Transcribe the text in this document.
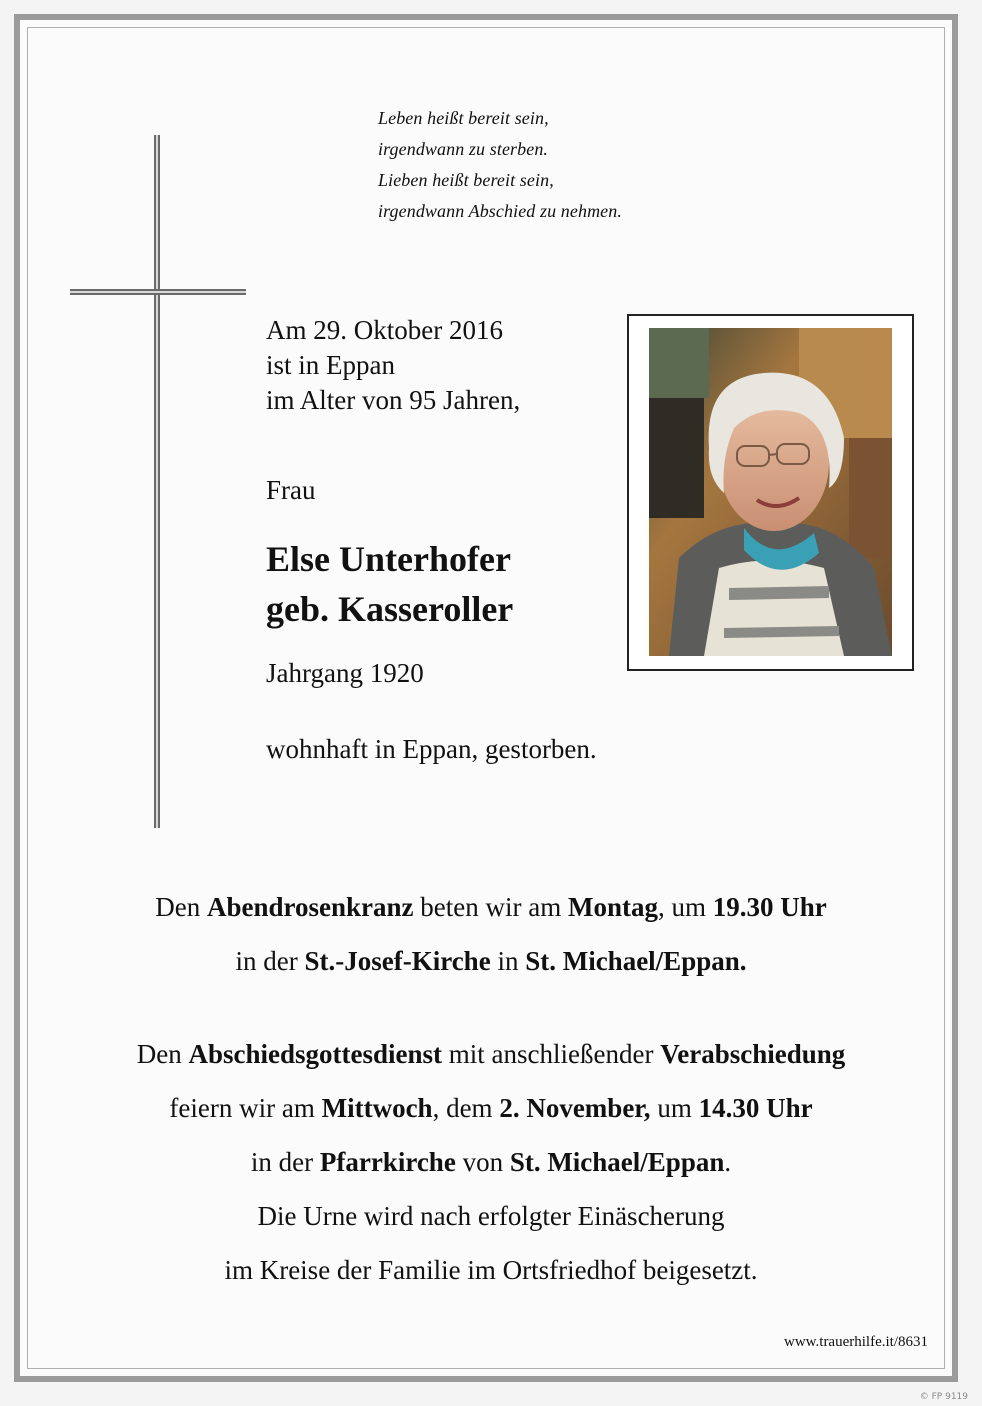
Leben heißt bereit sein,
irgendwann zu sterben.
Lieben heißt bereit sein,
irgendwann Abschied zu nehmen.
Am 29. Oktober 2016
ist in Eppan
im Alter von 95 Jahren,
Frau
Else Unterhofer
geb. Kasseroller
Jahrgang 1920
wohnhaft in Eppan, gestorben.
Den Abendrosenkranz beten wir am Montag, um 19.30 Uhr
in der St.-Josef-Kirche in St. Michael/Eppan.
Den Abschiedsgottesdienst mit anschließender Verabschiedung
feiern wir am Mittwoch, dem 2. November, um 14.30 Uhr
in der Pfarrkirche von St. Michael/Eppan.
Die Urne wird nach erfolgter Einäscherung
im Kreise der Familie im Ortsfriedhof beigesetzt.
www.trauerhilfe.it/8631
© FP 9119
